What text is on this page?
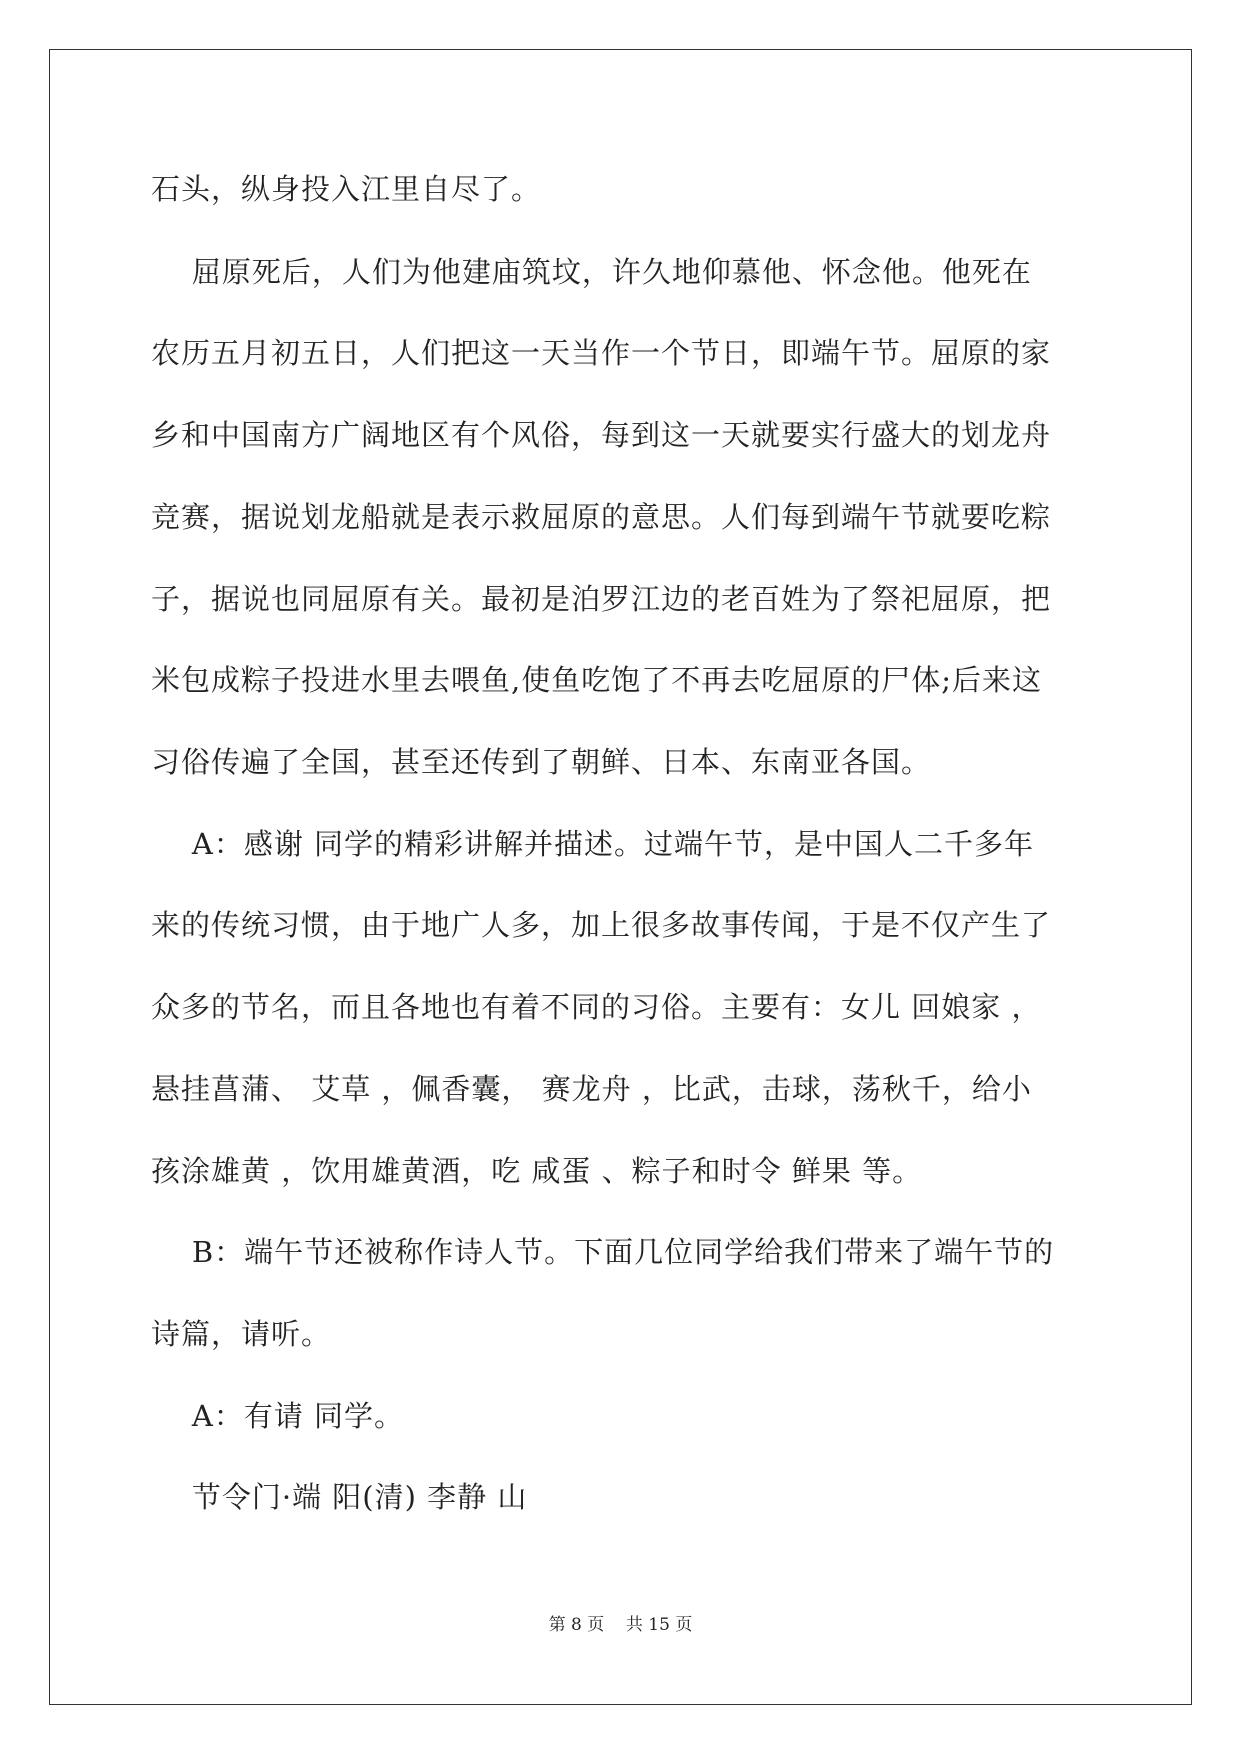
石头，纵身投入江里自尽了。

屈原死后，人们为他建庙筑坟，许久地仰慕他、怀念他。他死在

农历五月初五日，人们把这一天当作一个节日，即端午节。屈原的家

乡和中国南方广阔地区有个风俗，每到这一天就要实行盛大的划龙舟

竞赛，据说划龙船就是表示救屈原的意思。人们每到端午节就要吃粽

子，据说也同屈原有关。最初是泊罗江边的老百姓为了祭祀屈原，把

米包成粽子投进水里去喂鱼,使鱼吃饱了不再去吃屈原的尸体;后来这

习俗传遍了全国，甚至还传到了朝鲜、日本、东南亚各国。

A：感谢 同学的精彩讲解并描述。过端午节，是中国人二千多年

来的传统习惯，由于地广人多，加上很多故事传闻，于是不仅产生了

众多的节名，而且各地也有着不同的习俗。主要有：女儿 回娘家 ，

悬挂菖蒲、 艾草 ，佩香囊， 赛龙舟 ，比武，击球，荡秋千，给小

孩涂雄黄 ，饮用雄黄酒，吃 咸蛋 、粽子和时令 鲜果 等。

B：端午节还被称作诗人节。下面几位同学给我们带来了端午节的

诗篇，请听。

A：有请 同学。

节令门·端 阳(清) 李静 山

第 8 页    共 15 页
